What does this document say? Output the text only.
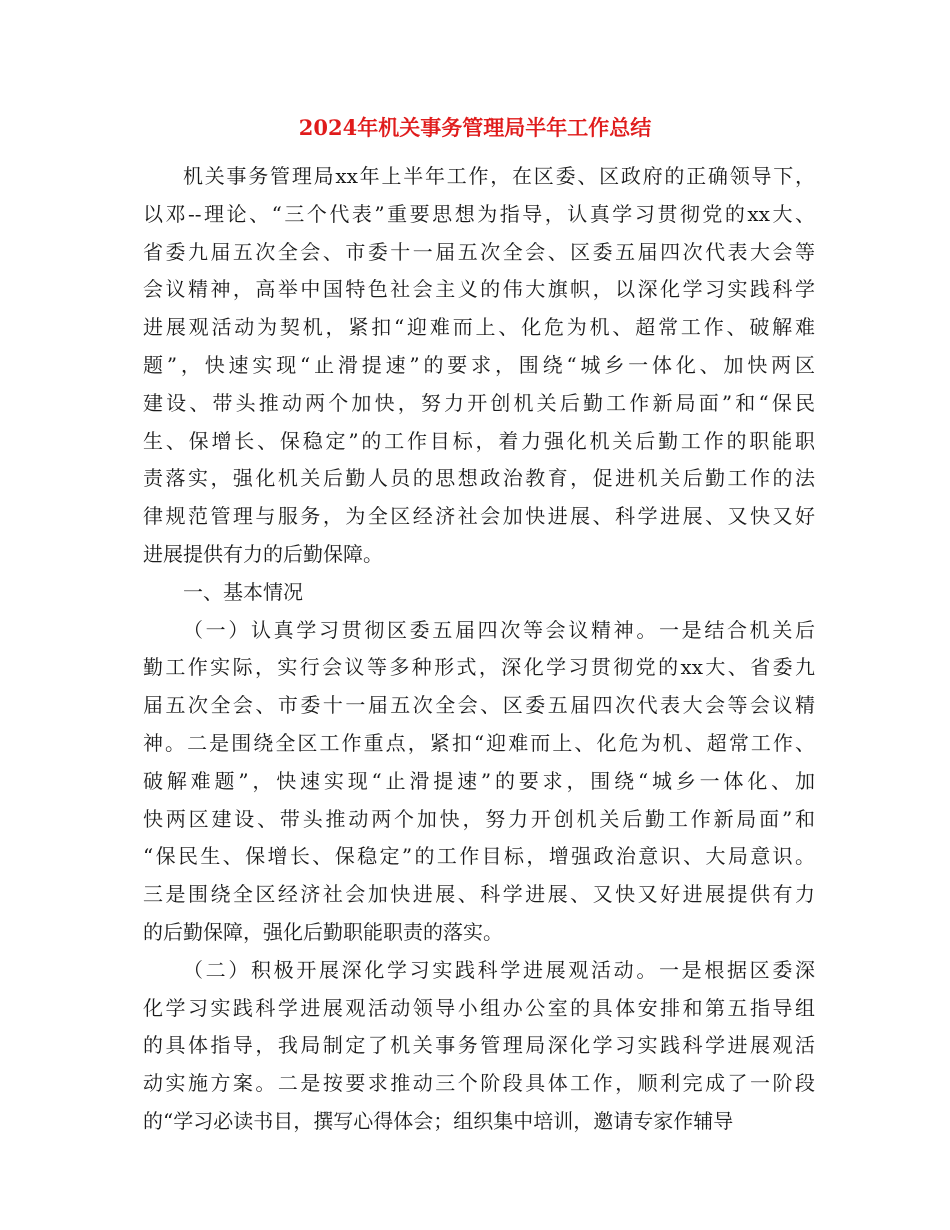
2024年机关事务管理局半年工作总结
机关事务管理局xx年上半年工作，在区委、区政府的正确领导下，
以邓--理论、“三个代表”重要思想为指导，认真学习贯彻党的xx大、
省委九届五次全会、市委十一届五次全会、区委五届四次代表大会等
会议精神，高举中国特色社会主义的伟大旗帜，以深化学习实践科学
进展观活动为契机，紧扣“迎难而上、化危为机、超常工作、破解难
题”，快速实现“止滑提速”的要求，围绕“城乡一体化、加快两区
建设、带头推动两个加快，努力开创机关后勤工作新局面”和“保民
生、保增长、保稳定”的工作目标，着力强化机关后勤工作的职能职
责落实，强化机关后勤人员的思想政治教育，促进机关后勤工作的法
律规范管理与服务，为全区经济社会加快进展、科学进展、又快又好
进展提供有力的后勤保障。
一、基本情况
（一）认真学习贯彻区委五届四次等会议精神。一是结合机关后
勤工作实际，实行会议等多种形式，深化学习贯彻党的xx大、省委九
届五次全会、市委十一届五次全会、区委五届四次代表大会等会议精
神。二是围绕全区工作重点，紧扣“迎难而上、化危为机、超常工作、
破解难题”，快速实现“止滑提速”的要求，围绕“城乡一体化、加
快两区建设、带头推动两个加快，努力开创机关后勤工作新局面”和
“保民生、保增长、保稳定”的工作目标，增强政治意识、大局意识。
三是围绕全区经济社会加快进展、科学进展、又快又好进展提供有力
的后勤保障，强化后勤职能职责的落实。
（二）积极开展深化学习实践科学进展观活动。一是根据区委深
化学习实践科学进展观活动领导小组办公室的具体安排和第五指导组
的具体指导，我局制定了机关事务管理局深化学习实践科学进展观活
动实施方案。二是按要求推动三个阶段具体工作，顺利完成了一阶段
的“学习必读书目，撰写心得体会；组织集中培训，邀请专家作辅导
